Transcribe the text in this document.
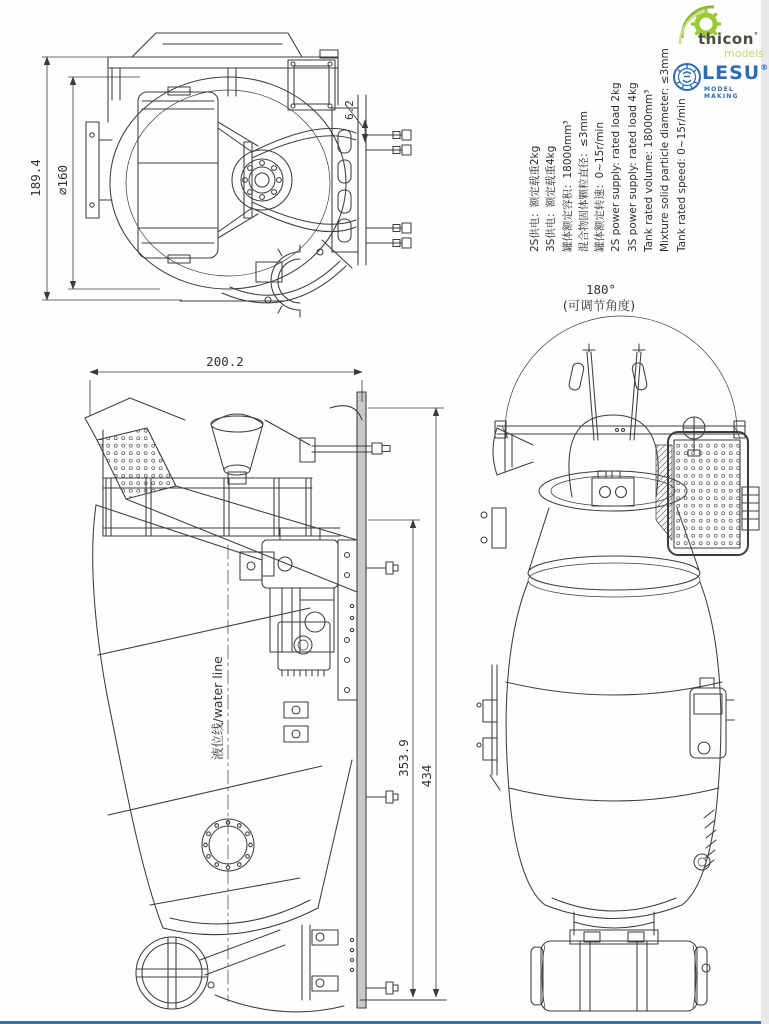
189.4 ⌀160
6.2
200.2
353.9 434
液位线/water line
180°
(可调节角度)
2S供电：额定载重2kg 3S供电：额定载重4kg 罐体额定容积：18000mm³ 混合物固体颗粒直径：≤3mm 罐体额定转速：0~15r/min 2S power supply: rated load 2kg 3S power supply: rated load 4kg Tank rated volume: 18000mm³ Mixture solid particle diameter: ≤3mm Tank rated speed: 0~15r/min
thicon°
models
LESU®
MODEL MAKING
